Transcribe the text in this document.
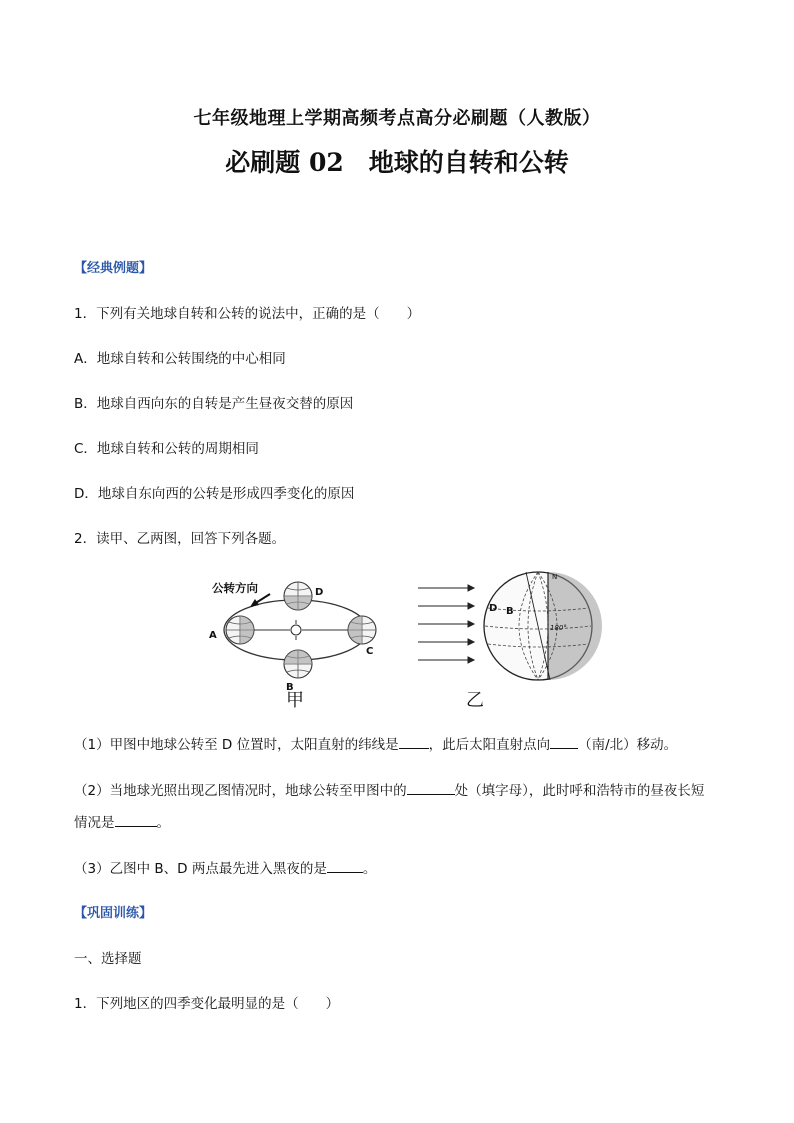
七年级地理上学期高频考点高分必刷题（人教版）
必刷题 02　地球的自转和公转
【经典例题】
1．下列有关地球自转和公转的说法中，正确的是（　　）
A．地球自转和公转围绕的中心相同
B．地球自西向东的自转是产生昼夜交替的原因
C．地球自转和公转的周期相同
D．地球自东向西的公转是形成四季变化的原因
2．读甲、乙两图，回答下列各题。
公转方向
A
B
C
D
甲
N
D B
180°
乙
（1）甲图中地球公转至 D 位置时，太阳直射的纬线是 ，此后太阳直射点向 （南/北）移动。
（2）当地球光照出现乙图情况时，地球公转至甲图中的	处（填字母），此时呼和浩特市的昼夜长短
情况是	。
（3）乙图中 B、D 两点最先进入黑夜的是	。
【巩固训练】
一、选择题
1．下列地区的四季变化最明显的是（　　）
